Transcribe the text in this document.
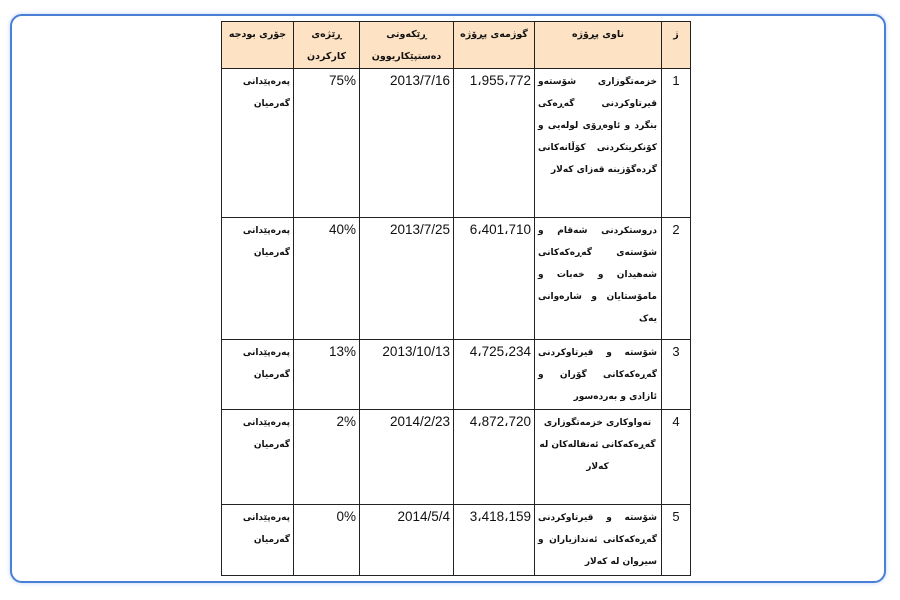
جۆری بودجە	ڕێژەی کارکردن	ڕێکەوتی دەستپێکاریوون	گوژمەی پڕۆژە	ناوی پڕۆژە	ژ

پەرەپێدانی گەرمیان	75%	2013/7/16	1،955،772	خزمەتگوزاری شۆستەو قیرتاوکردنی گەڕەکی بنگرد و ئاوەڕۆی لولەیی و کۆنکریتکردنی کۆڵانەکانی گردەگۆزینە قەزای کەلار	1

پەرەپێدانی گەرمیان	40%	2013/7/25	6،401،710	دروستکردنی شەقام و شۆستەی گەڕەکەکانی شەهیدان و خەبات و مامۆستایان و شارەوانی یەک	2

پەرەپێدانی گەرمیان	13%	2013/10/13	4،725،234	شۆستە و قیرتاوکردنی گەڕەکەکانی گۆران و ئازادی و بەردەسور	3

پەرەپێدانی گەرمیان	2%	2014/2/23	4،872،720	تەواوکاری خزمەتگوزاری گەڕەکەکانی ئەنفالەکان لە کەلار	4

پەرەپێدانی گەرمیان	0%	2014/5/4	3،418،159	شۆستە و قیرتاوکردنی گەڕەکەکانی ئەندازیاران و سیروان لە کەلار	5
